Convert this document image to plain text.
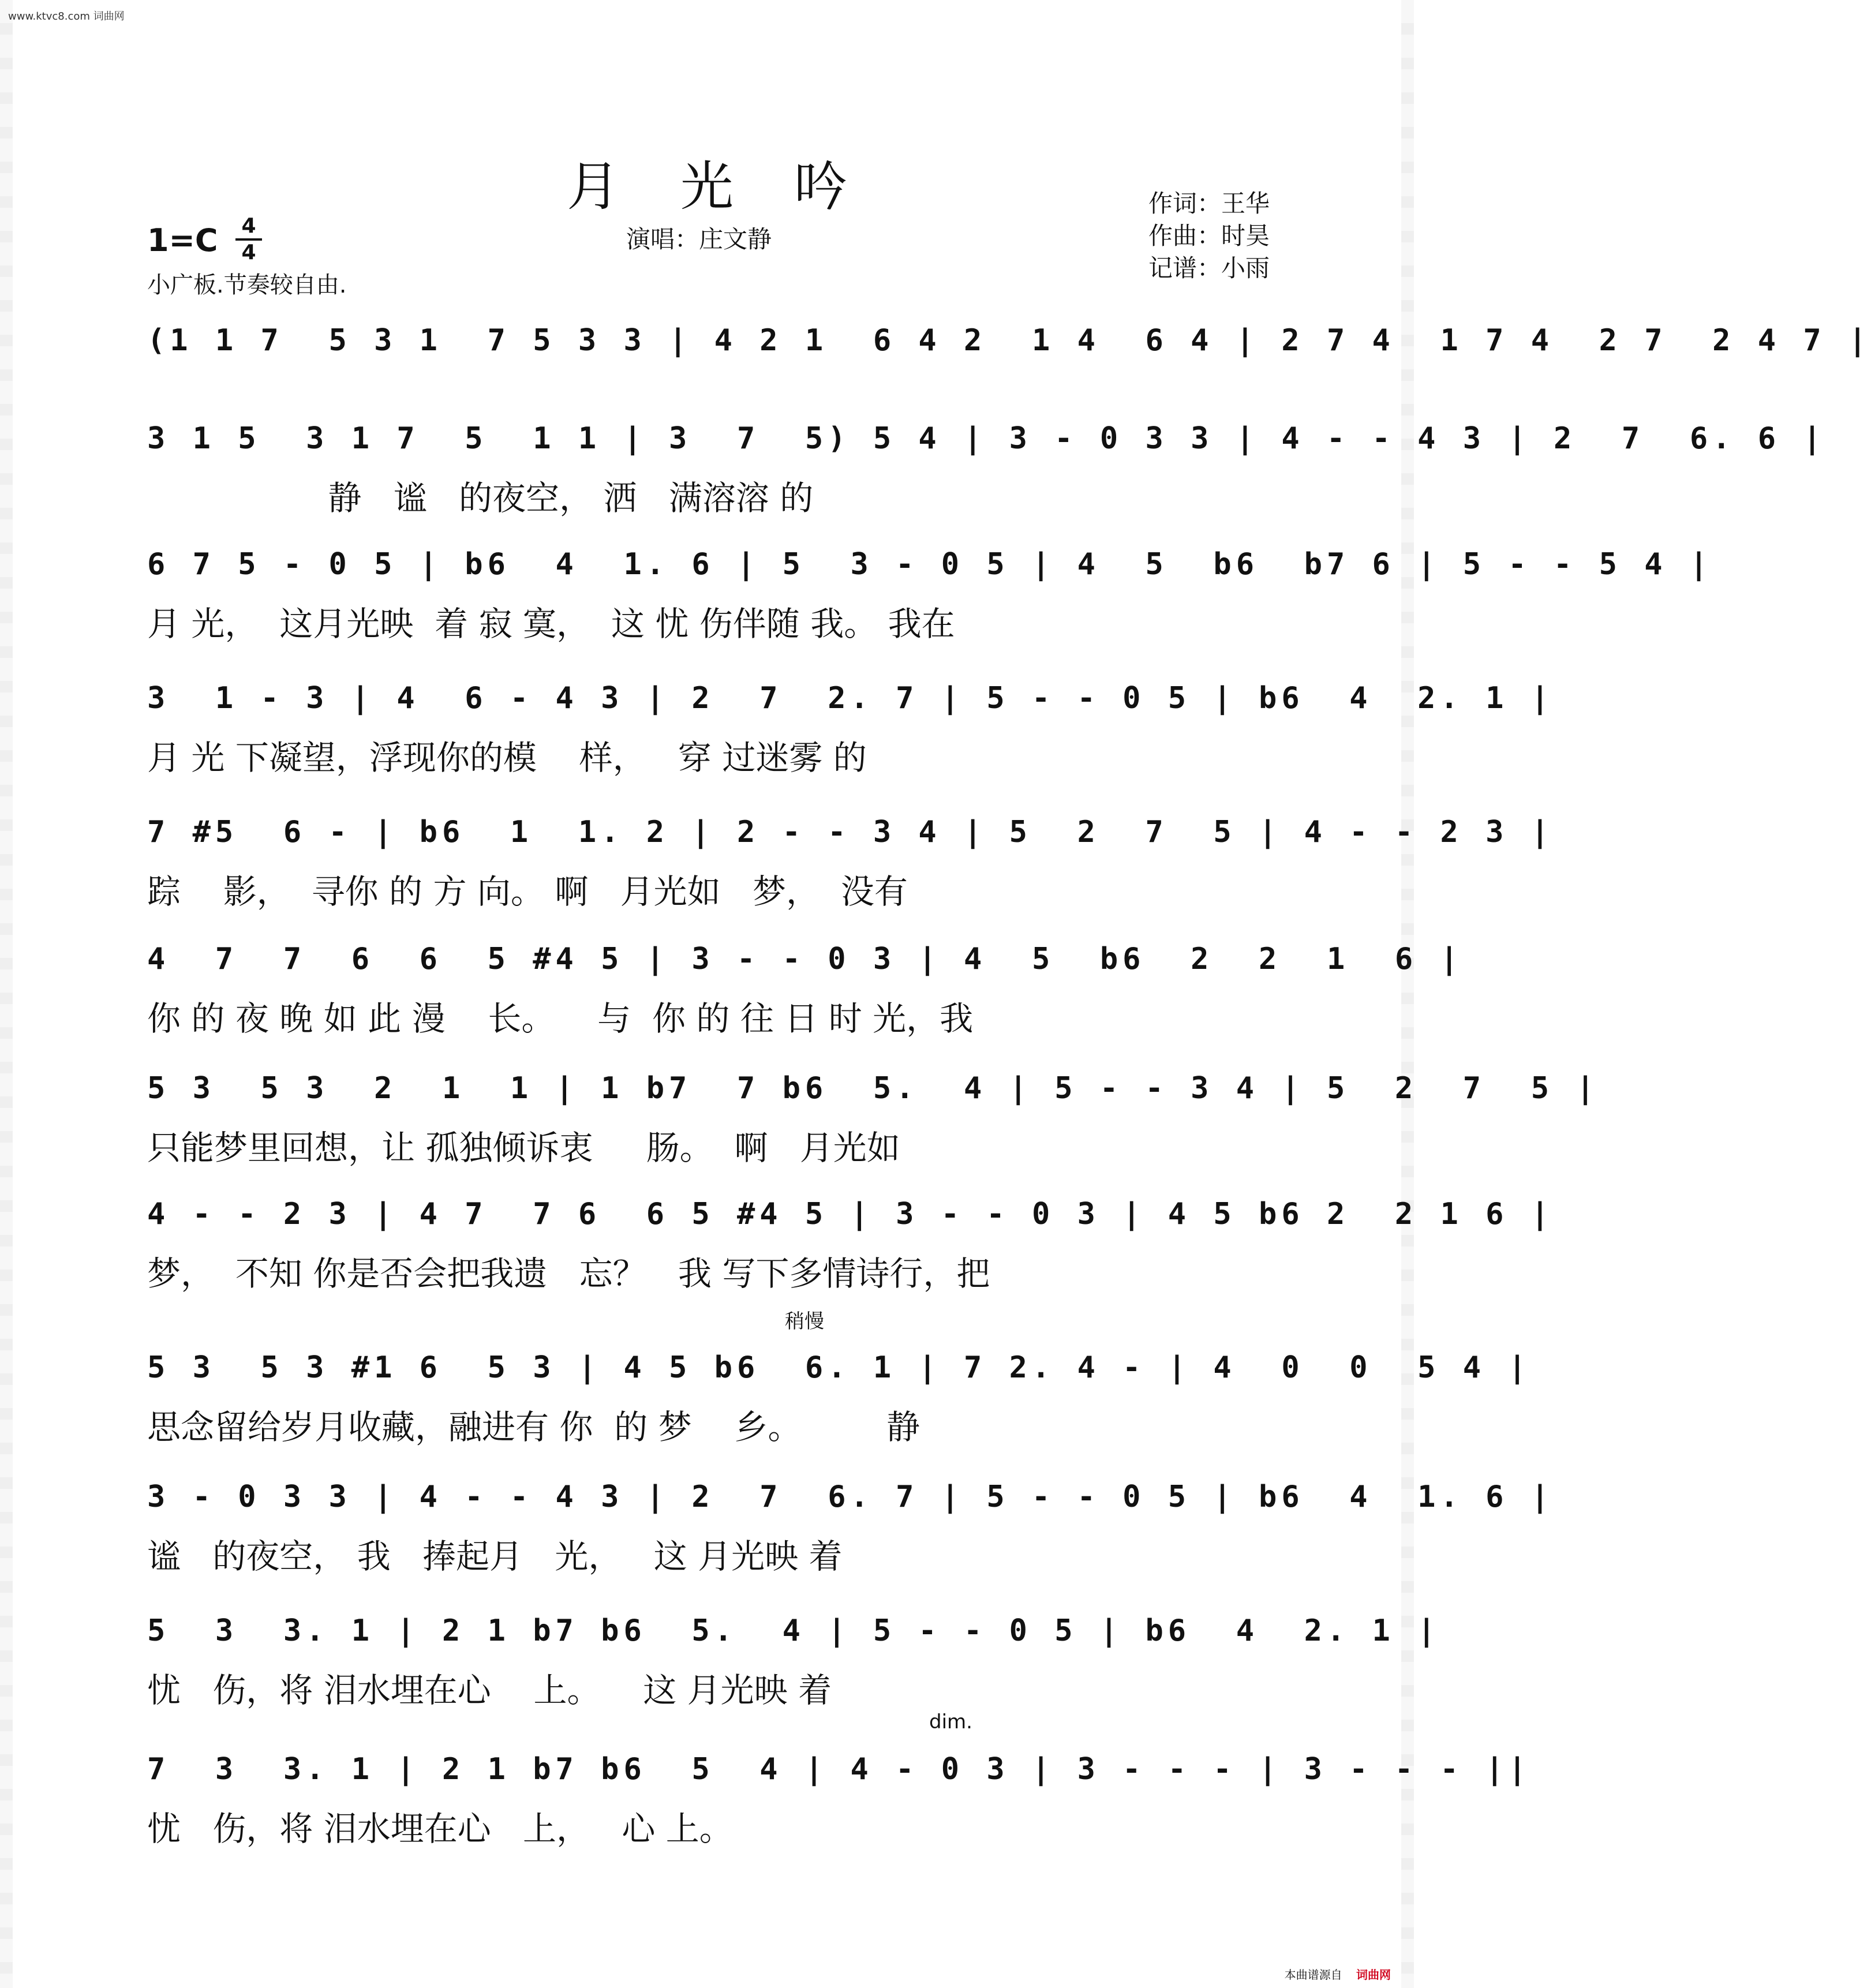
www.ktvc8.com 词曲网
月光吟	作词：王华
作曲：时昊
记谱：小雨
演唱：庄文静
1=C 4
4
小广板.节奏较自由.
(1 1 7  5 3 1  7 5 3 3 | 4 2 1  6 4 2  1 4  6 4 | 2 7 4  1 7 4  2 7  2 4 7 |
3 1 5  3 1 7  5  1 1 | 3  7  5) 5 4 | 3 - 0 3 3 | 4 - - 4 3 | 2  7  6. 6 |
静   谧   的夜空， 洒   满溶溶 的
6 7 5 - 0 5 | b6  4  1. 6 | 5  3 - 0 5 | 4  5  b6  b7 6 | 5 - - 5 4 |
月 光，  这月光映  着 寂 寞，  这 忧 伤伴随 我。 我在
3  1 - 3 | 4  6 - 4 3 | 2  7  2. 7 | 5 - - 0 5 | b6  4  2. 1 |
月 光 下凝望，浮现你的模    样，   穿 过迷雾 的
7 #5  6 - | b6  1  1. 2 | 2 - - 3 4 | 5  2  7  5 | 4 - - 2 3 |
踪    影，  寻你 的 方 向。 啊   月光如   梦，  没有
4  7  7  6  6  5 #4 5 | 3 - - 0 3 | 4  5  b6  2  2  1  6 |
你 的 夜 晚 如 此 漫    长。    与  你 的 往 日 时 光，我
5 3  5 3  2  1  1 | 1 b7  7 b6  5.  4 | 5 - - 3 4 | 5  2  7  5 |
只能梦里回想，让 孤独倾诉衷     肠。  啊   月光如
4 - - 2 3 | 4 7  7 6  6 5 #4 5 | 3 - - 0 3 | 4 5 b6 2  2 1 6 |
梦，  不知 你是否会把我遗   忘？   我 写下多情诗行，把
稍慢
5 3  5 3 #1 6  5 3 | 4 5 b6  6. 1 | 7 2. 4 - | 4  0  0  5 4 |
思念留给岁月收藏，融进有 你  的 梦    乡。        静
3 - 0 3 3 | 4 - - 4 3 | 2  7  6. 7 | 5 - - 0 5 | b6  4  1. 6 |
谧   的夜空， 我   捧起月   光，   这 月光映 着
5  3  3. 1 | 2 1 b7 b6  5.  4 | 5 - - 0 5 | b6  4  2. 1 |
忧   伤，将 泪水埋在心    上。    这 月光映 着
dim.
7  3  3. 1 | 2 1 b7 b6  5  4 | 4 - 0 3 | 3 - - - | 3 - - - ||
忧   伤，将 泪水埋在心   上，   心 上。
本曲谱源自 词曲网
